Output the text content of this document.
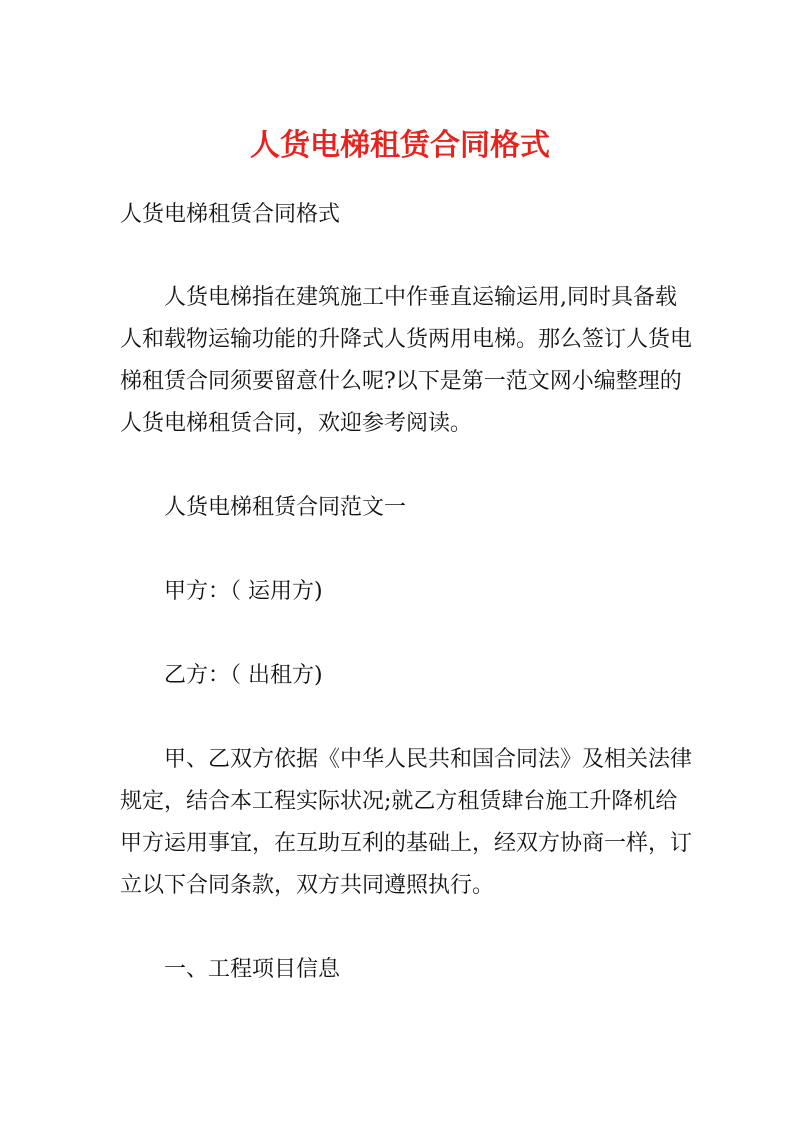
人货电梯租赁合同格式

人货电梯租赁合同格式

人货电梯指在建筑施工中作垂直运输运用,同时具备载

人和载物运输功能的升降式人货两用电梯。那么签订人货电

梯租赁合同须要留意什么呢?以下是第一范文网小编整理的

人货电梯租赁合同，欢迎参考阅读。

人货电梯租赁合同范文一

甲方：（ 运用方)

乙方：（ 出租方)

甲、乙双方依据《中华人民共和国合同法》及相关法律

规定，结合本工程实际状况;就乙方租赁肆台施工升降机给

甲方运用事宜，在互助互利的基础上，经双方协商一样，订

立以下合同条款，双方共同遵照执行。

一、工程项目信息
